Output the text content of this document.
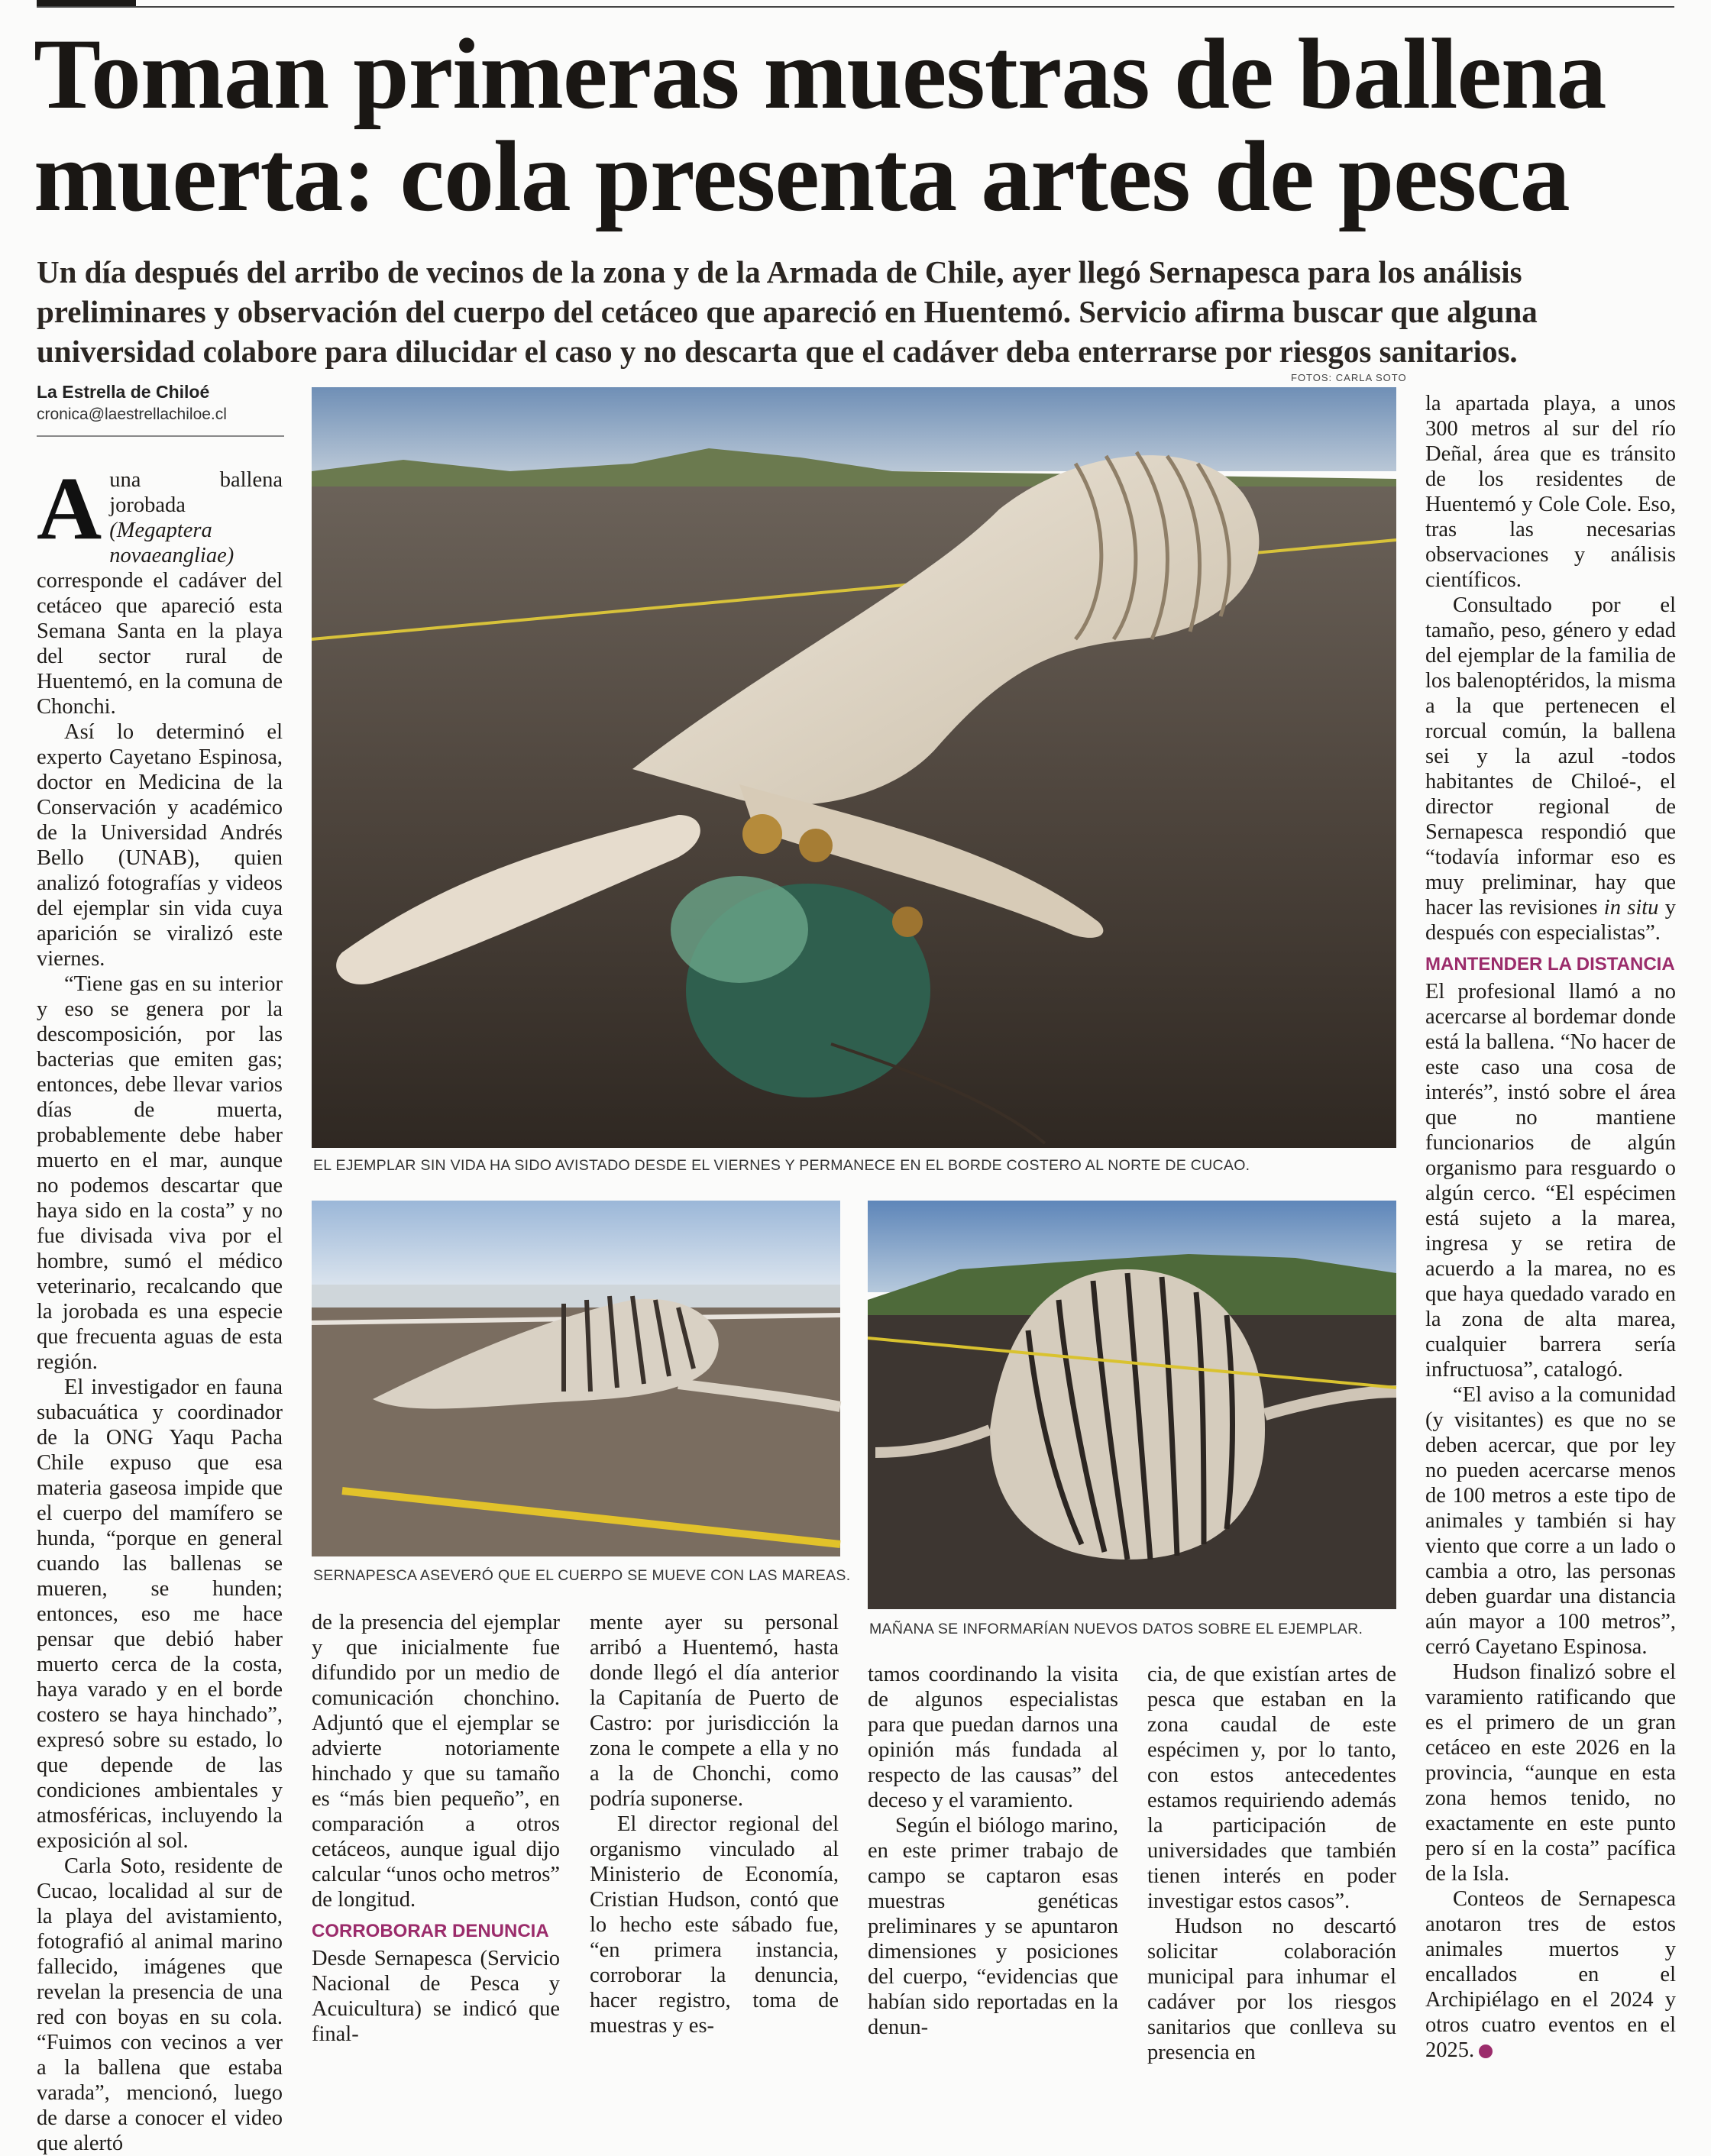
Toman primeras muestras de ballena muerta: cola presenta artes de pesca

Un día después del arribo de vecinos de la zona y de la Armada de Chile, ayer llegó Sernapesca para los análisis preliminares y observación del cuerpo del cetáceo que apareció en Huentemó. Servicio afirma buscar que alguna universidad colabore para dilucidar el caso y no descarta que el cadáver deba enterrarse por riesgos sanitarios.

La Estrella de Chiloé
cronica@laestrellachiloe.cl
FOTOS: CARLA SOTO
EL EJEMPLAR SIN VIDA HA SIDO AVISTADO DESDE EL VIERNES Y PERMANECE EN EL BORDE COSTERO AL NORTE DE CUCAO.
SERNAPESCA ASEVERÓ QUE EL CUERPO SE MUEVE CON LAS MAREAS.
MAÑANA SE INFORMARÍAN NUEVOS DATOS SOBRE EL EJEMPLAR.

Auna ballena jorobada (Megaptera novaeangliae) corresponde el cadáver del cetáceo que apareció esta Semana Santa en la playa del sector rural de Huentemó, en la comuna de Chonchi.

Así lo determinó el experto Cayetano Espinosa, doctor en Medicina de la Conservación y académico de la Universidad Andrés Bello (UNAB), quien analizó fotografías y videos del ejemplar sin vida cuya aparición se viralizó este viernes.

“Tiene gas en su interior y eso se genera por la descomposición, por las bacterias que emiten gas; entonces, debe llevar varios días de muerta, probablemente debe haber muerto en el mar, aunque no podemos descartar que haya sido en la costa” y no fue divisada viva por el hombre, sumó el médico veterinario, recalcando que la jorobada es una especie que frecuenta aguas de esta región.

El investigador en fauna subacuática y coordinador de la ONG Yaqu Pacha Chile expuso que esa materia gaseosa impide que el cuerpo del mamífero se hunda, “porque en general cuando las ballenas se mueren, se hunden; entonces, eso me hace pensar que debió haber muerto cerca de la costa, haya varado y en el borde costero se haya hinchado”, expresó sobre su estado, lo que depende de las condiciones ambientales y atmosféricas, incluyendo la exposición al sol.

Carla Soto, residente de Cucao, localidad al sur de la playa del avistamiento, fotografió al animal marino fallecido, imágenes que revelan la presencia de una red con boyas en su cola. “Fuimos con vecinos a ver a la ballena que estaba varada”, mencionó, luego de darse a conocer el video que alertó

de la presencia del ejemplar y que inicialmente fue difundido por un medio de comunicación chonchino. Adjuntó que el ejemplar se advierte notoriamente hinchado y que su tamaño es “más bien pequeño”, en comparación a otros cetáceos, aunque igual dijo calcular “unos ocho metros” de longitud.

CORROBORAR DENUNCIA

Desde Sernapesca (Servicio Nacional de Pesca y Acuicultura) se indicó que final-

mente ayer su personal arribó a Huentemó, hasta donde llegó el día anterior la Capitanía de Puerto de Castro: por jurisdicción la zona le compete a ella y no a la de Chonchi, como podría suponerse.

El director regional del organismo vinculado al Ministerio de Economía, Cristian Hudson, contó que lo hecho este sábado fue, “en primera instancia, corroborar la denuncia, hacer registro, toma de muestras y es-

tamos coordinando la visita de algunos especialistas para que puedan darnos una opinión más fundada al respecto de las causas” del deceso y el varamiento.

Según el biólogo marino, en este primer trabajo de campo se captaron esas muestras genéticas preliminares y se apuntaron dimensiones y posiciones del cuerpo, “evidencias que habían sido reportadas en la denun-

cia, de que existían artes de pesca que estaban en la zona caudal de este espécimen y, por lo tanto, con estos antecedentes estamos requiriendo además la participación de universidades que también tienen interés en poder investigar estos casos”.

Hudson no descartó solicitar colaboración municipal para inhumar el cadáver por los riesgos sanitarios que conlleva su presencia en

la apartada playa, a unos 300 metros al sur del río Deñal, área que es tránsito de los residentes de Huentemó y Cole Cole. Eso, tras las necesarias observaciones y análisis científicos.

Consultado por el tamaño, peso, género y edad del ejemplar de la familia de los balenoptéridos, la misma a la que pertenecen el rorcual común, la ballena sei y la azul -todos habitantes de Chiloé-, el director regional de Sernapesca respondió que “todavía informar eso es muy preliminar, hay que hacer las revisiones in situ y después con especialistas”.

MANTENDER LA DISTANCIA

El profesional llamó a no acercarse al bordemar donde está la ballena. “No hacer de este caso una cosa de interés”, instó sobre el área que no mantiene funcionarios de algún organismo para resguardo o algún cerco. “El espécimen está sujeto a la marea, ingresa y se retira de acuerdo a la marea, no es que haya quedado varado en la zona de alta marea, cualquier barrera sería infructuosa”, catalogó.

“El aviso a la comunidad (y visitantes) es que no se deben acercar, que por ley no pueden acercarse menos de 100 metros a este tipo de animales y también si hay viento que corre a un lado o cambia a otro, las personas deben guardar una distancia aún mayor a 100 metros”, cerró Cayetano Espinosa.

Hudson finalizó sobre el varamiento ratificando que es el primero de un gran cetáceo en este 2026 en la provincia, “aunque en esta zona hemos tenido, no exactamente en este punto pero sí en la costa” pacífica de la Isla.

Conteos de Sernapesca anotaron tres de estos animales muertos y encallados en el Archipiélago en el 2024 y otros cuatro eventos en el 2025.
